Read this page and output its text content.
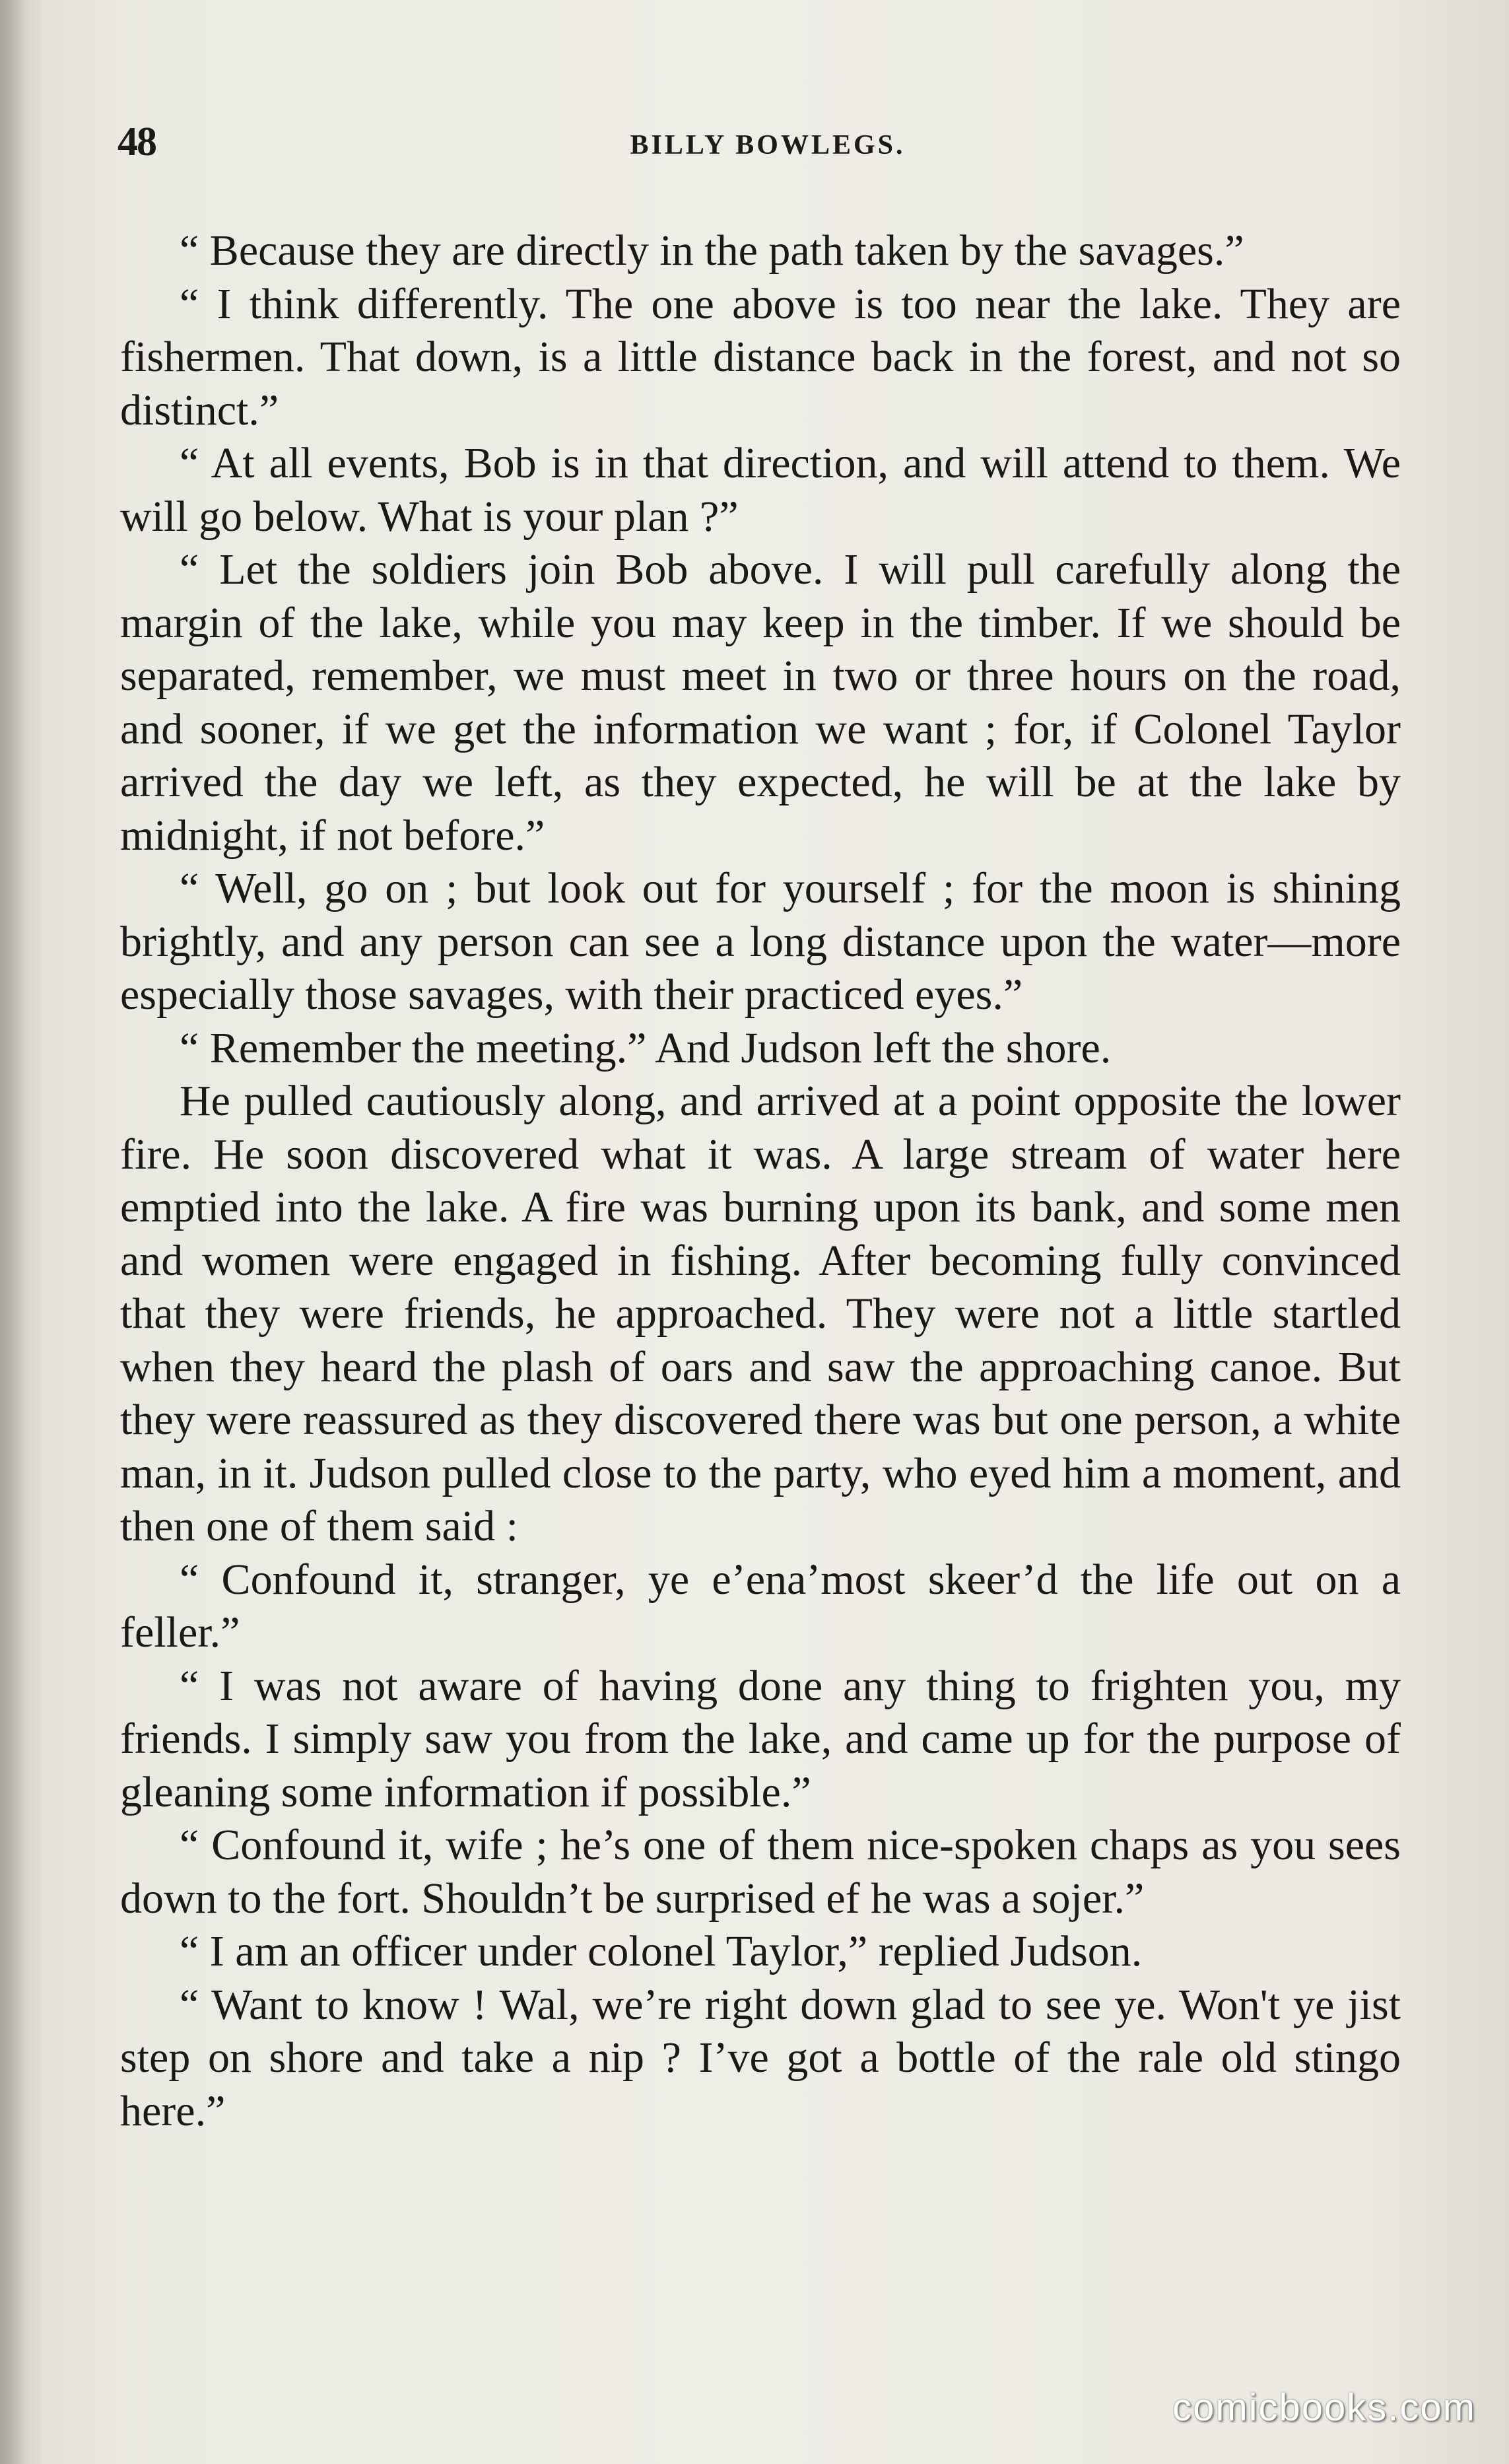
48	BILLY BOWLEGS.

“ Because they are directly in the path taken by the savages.”

“ I think differently. The one above is too near the lake. They are fishermen. That down, is a little distance back in the forest, and not so distinct.”

“ At all events, Bob is in that direction, and will attend to them. We will go below. What is your plan ?”

“ Let the soldiers join Bob above. I will pull carefully along the margin of the lake, while you may keep in the timber. If we should be separated, remember, we must meet in two or three hours on the road, and sooner, if we get the information we want ; for, if Colonel Taylor arrived the day we left, as they expected, he will be at the lake by midnight, if not before.”

“ Well, go on ; but look out for yourself ; for the moon is shining brightly, and any person can see a long distance upon the water—more especially those savages, with their practiced eyes.”

“ Remember the meeting.” And Judson left the shore.

He pulled cautiously along, and arrived at a point opposite the lower fire. He soon discovered what it was. A large stream of water here emptied into the lake. A fire was burning upon its bank, and some men and women were engaged in fishing. After becoming fully convinced that they were friends, he approached. They were not a little startled when they heard the plash of oars and saw the approaching canoe. But they were reassured as they discovered there was but one person, a white man, in it. Judson pulled close to the party, who eyed him a moment, and then one of them said :

“ Confound it, stranger, ye e’ena’most skeer’d the life out on a feller.”

“ I was not aware of having done any thing to frighten you, my friends. I simply saw you from the lake, and came up for the purpose of gleaning some information if possible.”

“ Confound it, wife ; he’s one of them nice-spoken chaps as you sees down to the fort. Shouldn’t be surprised ef he was a sojer.”

“ I am an officer under colonel Taylor,” replied Judson.

“ Want to know ! Wal, we’re right down glad to see ye. Won't ye jist step on shore and take a nip ? I’ve got a bottle of the rale old stingo here.”

comicbooks.com
